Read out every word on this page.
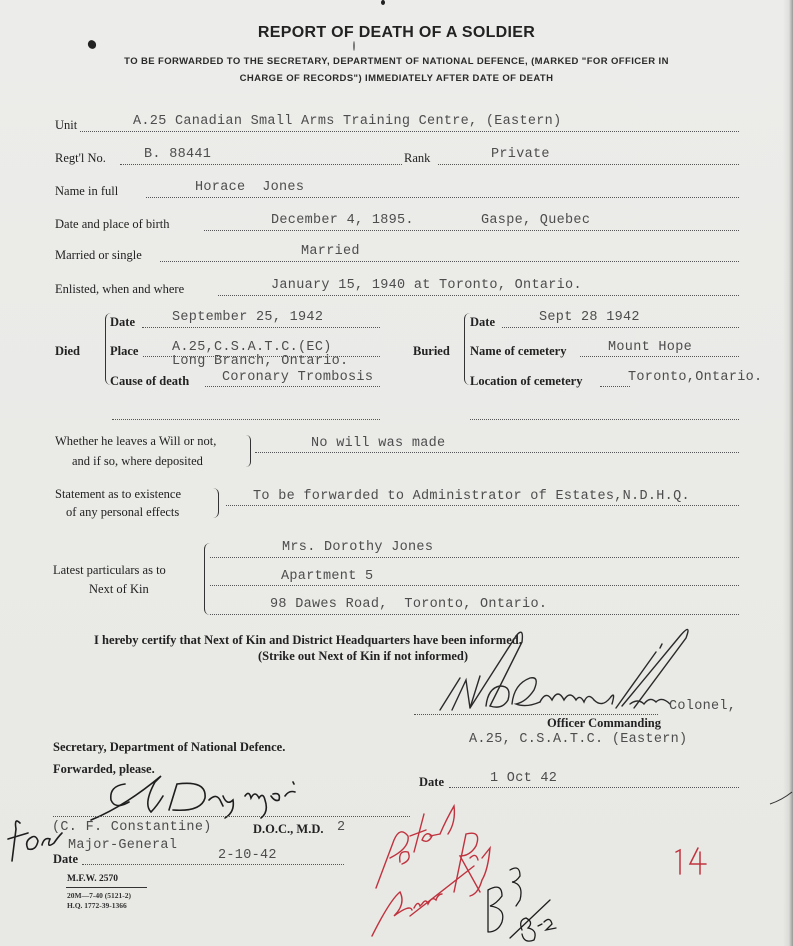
REPORT OF DEATH OF A SOLDIER
TO BE FORWARDED TO THE SECRETARY, DEPARTMENT OF NATIONAL DEFENCE, (MARKED "FOR OFFICER IN
CHARGE OF RECORDS") IMMEDIATELY AFTER DATE OF DEATH
Unit	A.25 Canadian Small Arms Training Centre, (Eastern)
Regt'l No.	B. 88441	Rank	Private
Name in full	Horace  Jones
Date and place of birth	December 4, 1895.	Gaspe, Quebec
Married or single	Married
Enlisted, when and where	January 15, 1940 at Toronto, Ontario.
Died
Date	September 25, 1942
Place A.25,C.S.A.T.C.(EC)
Long Branch, Ontario.
Cause of death Coronary Trombosis
Buried
Date	Sept 28 1942
Name of cemetery	Mount Hope
Location of cemetery	Toronto,Ontario.
Whether he leaves a Will or not,
and if so, where deposited
No will was made
Statement as to existence
of any personal effects
To be forwarded to Administrator of Estates,N.D.H.Q.
Latest particulars as to
Next of Kin
Mrs. Dorothy Jones
Apartment 5
98 Dawes Road,  Toronto, Ontario.
I hereby certify that Next of Kin and District Headquarters have been informed.
(Strike out Next of Kin if not informed)
Colonel,
Officer Commanding
A.25, C.S.A.T.C. (Eastern)
Secretary, Department of National Defence.
Forwarded, please.
Date	1 Oct 42
(C. F. Constantine)	D.O.C., M.D. 2
Major-General
Date	2-10-42
M.F.W. 2570
20M—7-40 (5121-2)
H.Q. 1772-39-1366
